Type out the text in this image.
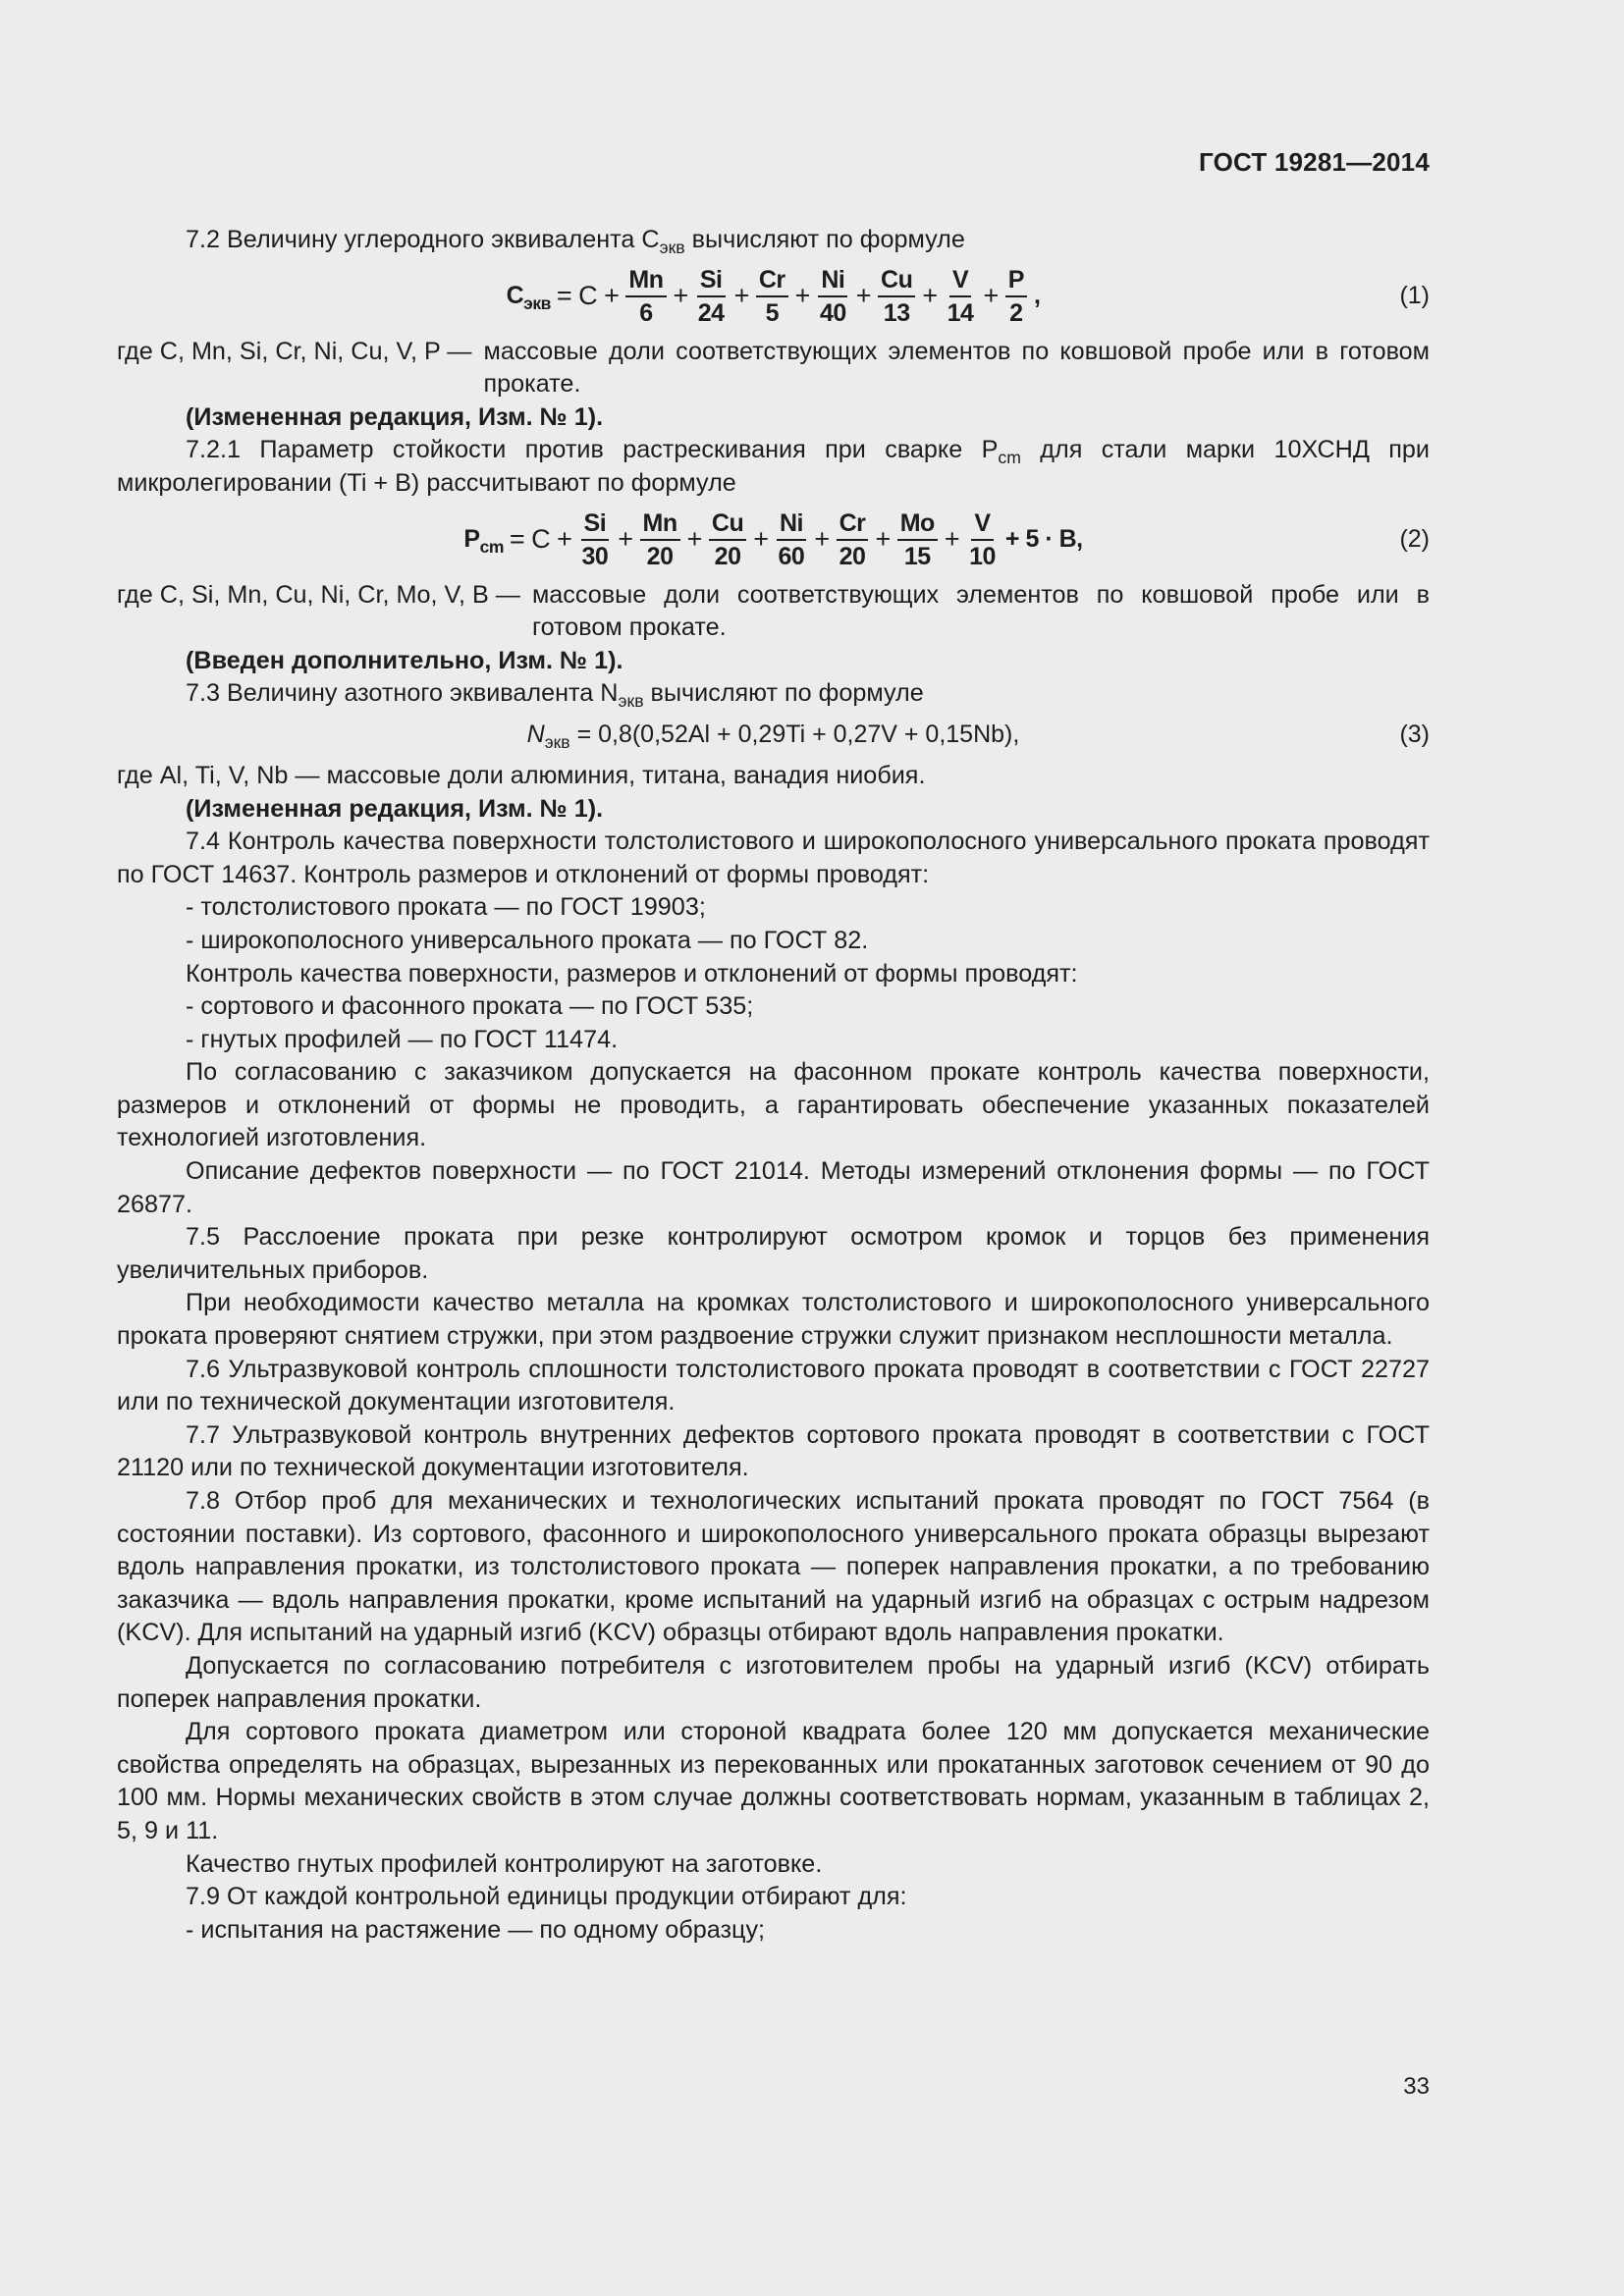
ГОСТ 19281—2014

7.2 Величину углеродного эквивалента $С_{экв}$ вычисляют по формуле

$С_{экв} = C + \frac{Mn}{6} + \frac{Si}{24} + \frac{Cr}{5} + \frac{Ni}{40} + \frac{Cu}{13} + \frac{V}{14} + \frac{P}{2}$ ,	(1)
где C, Mn, Si, Cr, Ni, Cu, V, P — массовые доли соответствующих элементов по ковшовой пробе или в готовом прокате.

(Измененная редакция, Изм. № 1).

7.2.1 Параметр стойкости против растрескивания при сварке $P_{cm}$ для стали марки 10ХСНД при микролегировании (Ti + B) рассчитывают по формуле

$P_{cm} = C + \frac{Si}{30} + \frac{Mn}{20} + \frac{Cu}{20} + \frac{Ni}{60} + \frac{Cr}{20} + \frac{Mo}{15} + \frac{V}{10} + 5 \cdot B$,	(2)
где C, Si, Mn, Cu, Ni, Cr, Mo, V, B — массовые доли соответствующих элементов по ковшовой пробе или в готовом прокате.

(Введен дополнительно, Изм. № 1).

7.3 Величину азотного эквивалента $N_{экв}$ вычисляют по формуле

$N_{экв} = 0,8(0,52Al + 0,29Ti + 0,27V + 0,15Nb)$,	(3)

где Al, Ti, V, Nb — массовые доли алюминия, титана, ванадия ниобия.

(Измененная редакция, Изм. № 1).

7.4 Контроль качества поверхности толстолистового и широкополосного универсального проката проводят по ГОСТ 14637. Контроль размеров и отклонений от формы проводят:

- толстолистового проката — по ГОСТ 19903;

- широкополосного универсального проката — по ГОСТ 82.

Контроль качества поверхности, размеров и отклонений от формы проводят:

- сортового и фасонного проката — по ГОСТ 535;

- гнутых профилей — по ГОСТ 11474.

По согласованию с заказчиком допускается на фасонном прокате контроль качества поверхности, размеров и отклонений от формы не проводить, а гарантировать обеспечение указанных показателей технологией изготовления.

Описание дефектов поверхности — по ГОСТ 21014. Методы измерений отклонения формы — по ГОСТ 26877.

7.5 Расслоение проката при резке контролируют осмотром кромок и торцов без применения увеличительных приборов.

При необходимости качество металла на кромках толстолистового и широкополосного универсального проката проверяют снятием стружки, при этом раздвоение стружки служит признаком несплошности металла.

7.6 Ультразвуковой контроль сплошности толстолистового проката проводят в соответствии с ГОСТ 22727 или по технической документации изготовителя.

7.7 Ультразвуковой контроль внутренних дефектов сортового проката проводят в соответствии с ГОСТ 21120 или по технической документации изготовителя.

7.8 Отбор проб для механических и технологических испытаний проката проводят по ГОСТ 7564 (в состоянии поставки). Из сортового, фасонного и широкополосного универсального проката образцы вырезают вдоль направления прокатки, из толстолистового проката — поперек направления прокатки, а по требованию заказчика — вдоль направления прокатки, кроме испытаний на ударный изгиб на образцах с острым надрезом (KCV). Для испытаний на ударный изгиб (KCV) образцы отбирают вдоль направления прокатки.

Допускается по согласованию потребителя с изготовителем пробы на ударный изгиб (KCV) отбирать поперек направления прокатки.

Для сортового проката диаметром или стороной квадрата более 120 мм допускается механические свойства определять на образцах, вырезанных из перекованных или прокатанных заготовок сечением от 90 до 100 мм. Нормы механических свойств в этом случае должны соответствовать нормам, указанным в таблицах 2, 5, 9 и 11.

Качество гнутых профилей контролируют на заготовке.

7.9 От каждой контрольной единицы продукции отбирают для:

- испытания на растяжение — по одному образцу;

33
